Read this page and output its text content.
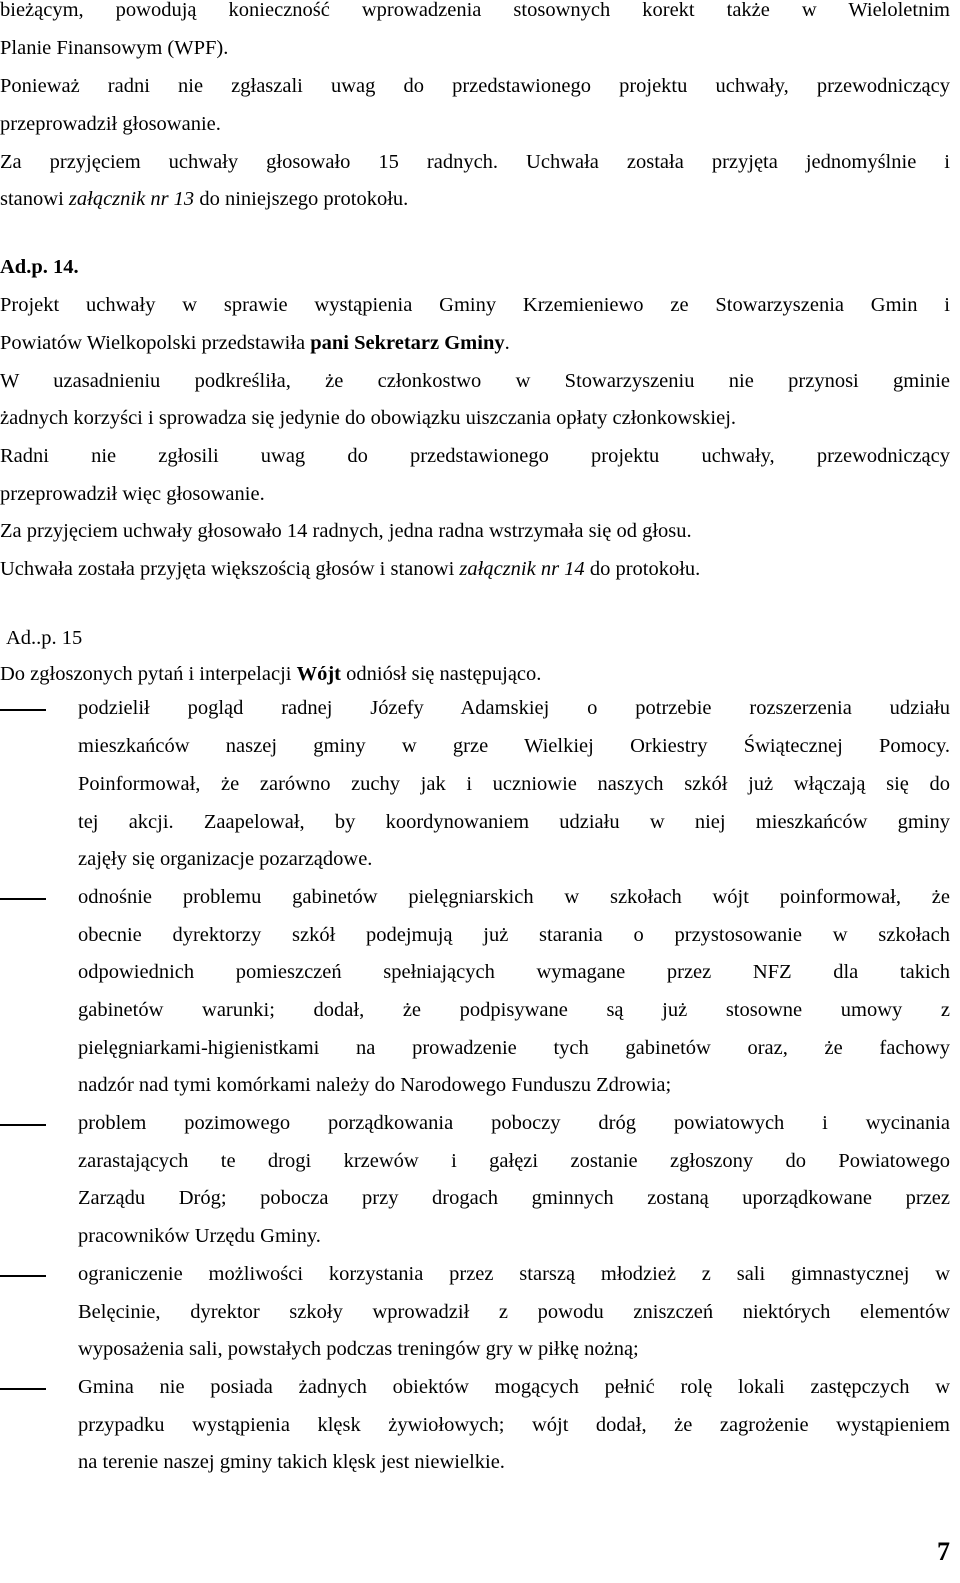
bieżącym, powodują konieczność wprowadzenia stosownych korekt także w Wieloletnim
Planie Finansowym (WPF).
Ponieważ radni nie zgłaszali uwag do przedstawionego projektu uchwały, przewodniczący
przeprowadził głosowanie.
Za przyjęciem uchwały głosowało 15 radnych. Uchwała została przyjęta jednomyślnie i
stanowi załącznik nr 13 do niniejszego protokołu.
Ad.p. 14.
Projekt uchwały w sprawie wystąpienia Gminy Krzemieniewo ze Stowarzyszenia Gmin i
Powiatów Wielkopolski przedstawiła pani Sekretarz Gminy.
W uzasadnieniu podkreśliła, że członkostwo w Stowarzyszeniu nie przynosi gminie
żadnych korzyści i sprowadza się jedynie do obowiązku uiszczania opłaty członkowskiej.
Radni nie zgłosili uwag do przedstawionego projektu uchwały, przewodniczący
przeprowadził więc głosowanie.
Za przyjęciem uchwały głosowało 14 radnych, jedna radna wstrzymała się od głosu.
Uchwała została przyjęta większością głosów i stanowi załącznik nr 14 do protokołu.
Ad..p. 15
Do zgłoszonych pytań i interpelacji Wójt odniósł się następująco.
podzielił pogląd radnej Józefy Adamskiej o potrzebie rozszerzenia udziału
mieszkańców naszej gminy w grze Wielkiej Orkiestry Świątecznej Pomocy.
Poinformował, że zarówno zuchy jak i uczniowie naszych szkół już włączają się do
tej akcji. Zaapelował, by koordynowaniem udziału w niej mieszkańców gminy
zajęły się organizacje pozarządowe.
odnośnie problemu gabinetów pielęgniarskich w szkołach wójt poinformował, że
obecnie dyrektorzy szkół podejmują już starania o przystosowanie w szkołach
odpowiednich pomieszczeń spełniających wymagane przez NFZ dla takich
gabinetów warunki; dodał, że podpisywane są już stosowne umowy z
pielęgniarkami-higienistkami na prowadzenie tych gabinetów oraz, że fachowy
nadzór nad tymi komórkami należy do Narodowego Funduszu Zdrowia;
problem pozimowego porządkowania poboczy dróg powiatowych i wycinania
zarastających te drogi krzewów i gałęzi zostanie zgłoszony do Powiatowego
Zarządu Dróg; pobocza przy drogach gminnych zostaną uporządkowane przez
pracowników Urzędu Gminy.
ograniczenie możliwości korzystania przez starszą młodzież z sali gimnastycznej w
Belęcinie, dyrektor szkoły wprowadził z powodu zniszczeń niektórych elementów
wyposażenia sali, powstałych podczas treningów gry w piłkę nożną;
Gmina nie posiada żadnych obiektów mogących pełnić rolę lokali zastępczych w
przypadku wystąpienia klęsk żywiołowych; wójt dodał, że zagrożenie wystąpieniem
na terenie naszej gminy takich klęsk jest niewielkie.
7
